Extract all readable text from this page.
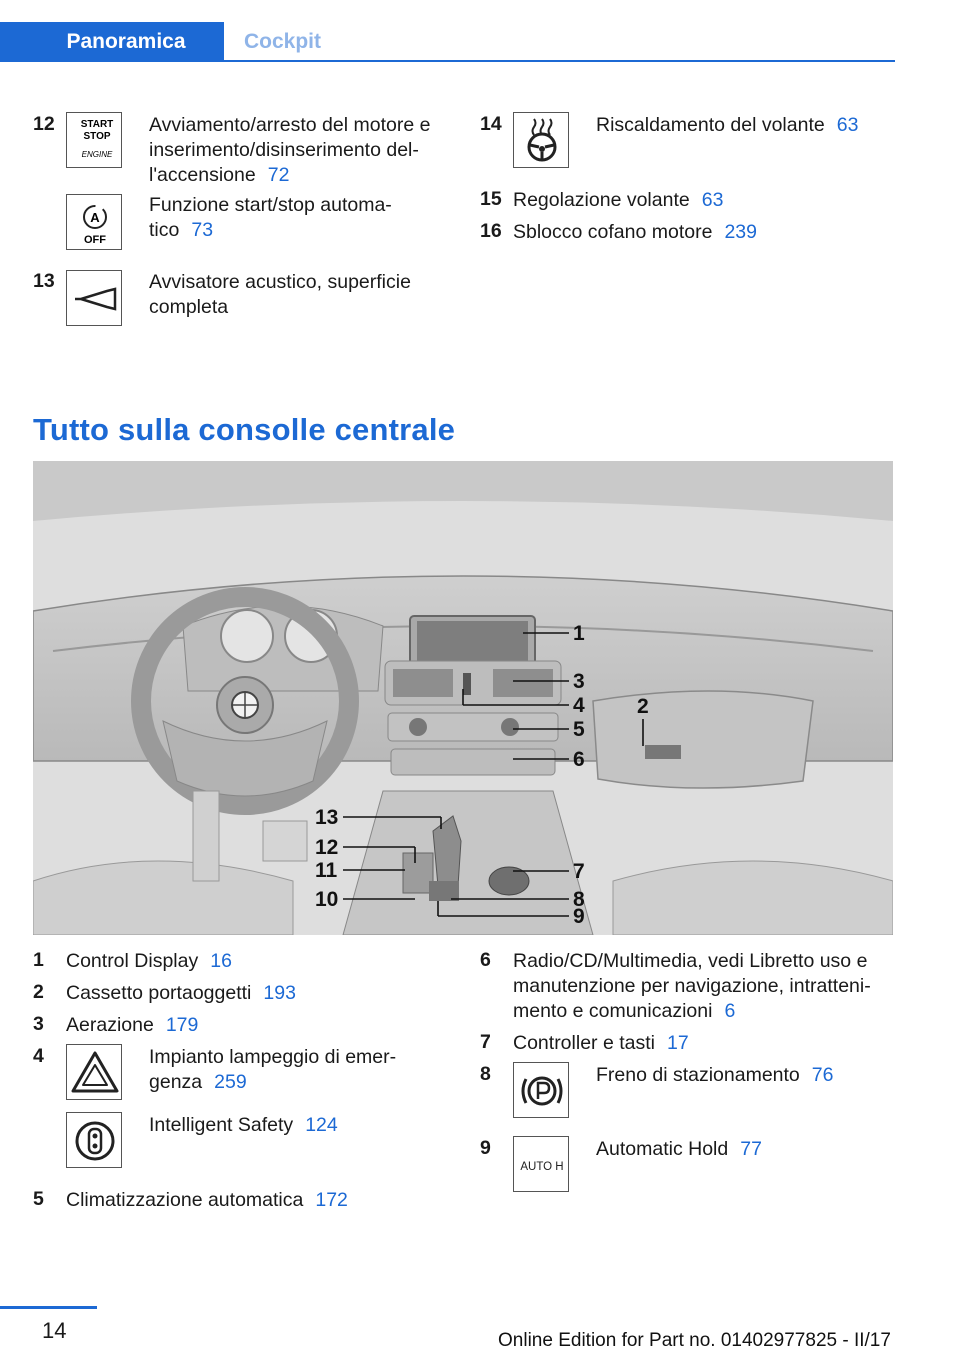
Panoramica	Cockpit
12	START
STOP
ENGINE
Avviamento/arresto del motore e
inserimento/disinserimento del-
l'accensione 72
A
OFF
Funzione start/stop automa-
tico 73
13	Avvisatore acustico, superficie
completa
14	Riscaldamento del volante 63
15 Regolazione volante 63
16 Sblocco cofano motore 239
Tutto sulla consolle centrale
1
2
3
4
5
6
7
8
9
10
11
12
13
1 Control Display 16
2 Cassetto portaoggetti 193
3 Aerazione 179
4	Impianto lampeggio di emer-
genza 259
Intelligent Safety 124
5 Climatizzazione automatica 172
6 Radio/CD/Multimedia, vedi Libretto uso e
manutenzione per navigazione, intratteni-
mento e comunicazioni 6
7 Controller e tasti 17
8	Freno di stazionamento 76
9
AUTO H
Automatic Hold 77
14	Online Edition for Part no. 01402977825 - II/17
